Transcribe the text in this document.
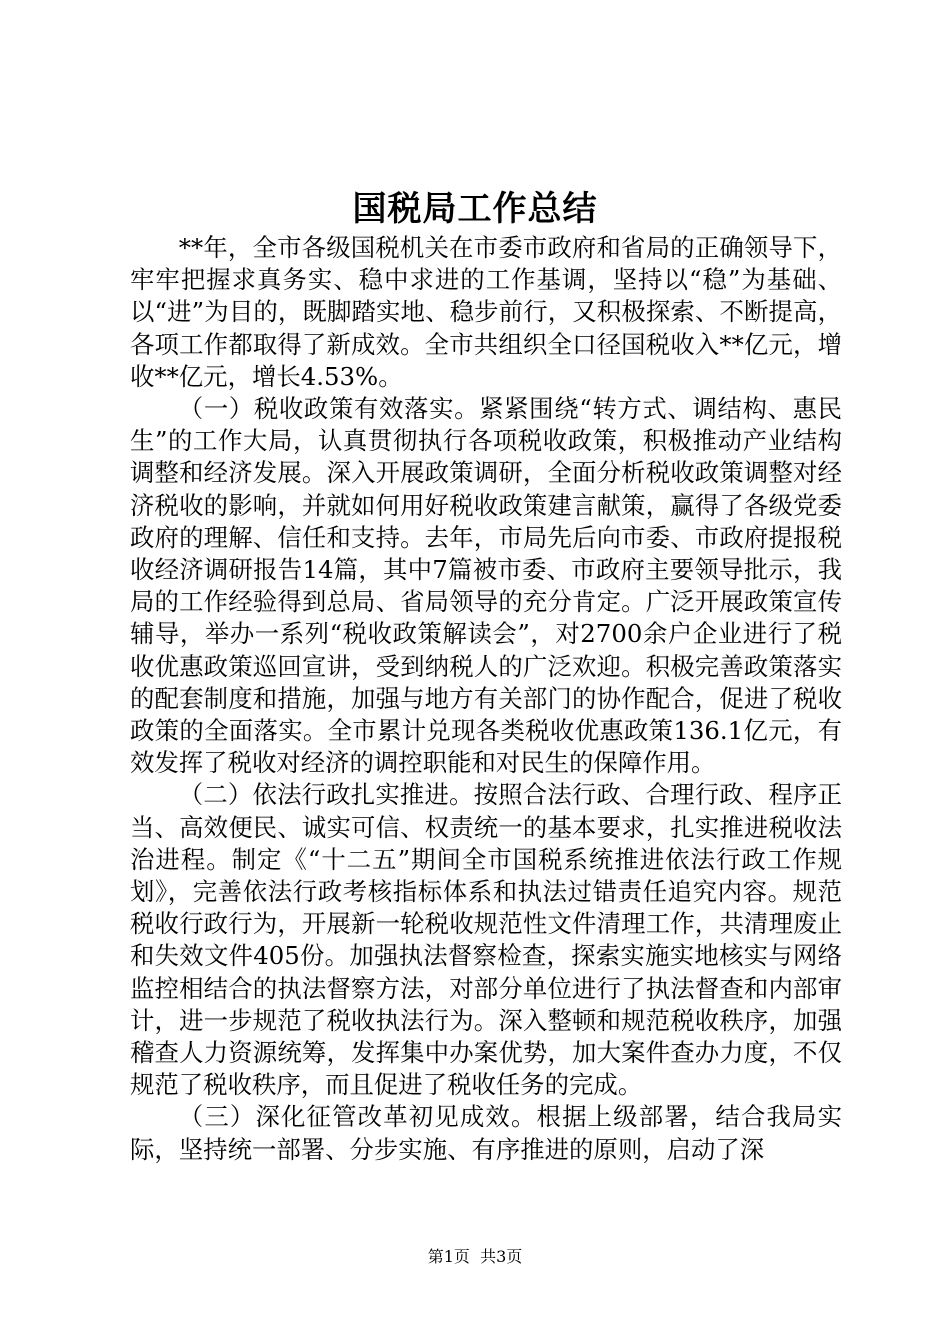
国税局工作总结

**年，全市各级国税机关在市委市政府和省局的正确领导下，牢牢把握求真务实、稳中求进的工作基调，坚持以“稳”为基础、以“进”为目的，既脚踏实地、稳步前行，又积极探索、不断提高，各项工作都取得了新成效。全市共组织全口径国税收入**亿元，增收**亿元，增长4.53%。

（一）税收政策有效落实。紧紧围绕“转方式、调结构、惠民生”的工作大局，认真贯彻执行各项税收政策，积极推动产业结构调整和经济发展。深入开展政策调研，全面分析税收政策调整对经济税收的影响，并就如何用好税收政策建言献策，赢得了各级党委政府的理解、信任和支持。去年，市局先后向市委、市政府提报税收经济调研报告14篇，其中7篇被市委、市政府主要领导批示，我局的工作经验得到总局、省局领导的充分肯定。广泛开展政策宣传辅导，举办一系列“税收政策解读会”，对2700余户企业进行了税收优惠政策巡回宣讲，受到纳税人的广泛欢迎。积极完善政策落实的配套制度和措施，加强与地方有关部门的协作配合，促进了税收政策的全面落实。全市累计兑现各类税收优惠政策136.1亿元，有效发挥了税收对经济的调控职能和对民生的保障作用。

（二）依法行政扎实推进。按照合法行政、合理行政、程序正当、高效便民、诚实可信、权责统一的基本要求，扎实推进税收法治进程。制定《“十二五”期间全市国税系统推进依法行政工作规划》，完善依法行政考核指标体系和执法过错责任追究内容。规范税收行政行为，开展新一轮税收规范性文件清理工作，共清理废止和失效文件405份。加强执法督察检查，探索实施实地核实与网络监控相结合的执法督察方法，对部分单位进行了执法督查和内部审计，进一步规范了税收执法行为。深入整顿和规范税收秩序，加强稽查人力资源统筹，发挥集中办案优势，加大案件查办力度，不仅规范了税收秩序，而且促进了税收任务的完成。

（三）深化征管改革初见成效。根据上级部署，结合我局实际，坚持统一部署、分步实施、有序推进的原则，启动了深

第1页 共3页
